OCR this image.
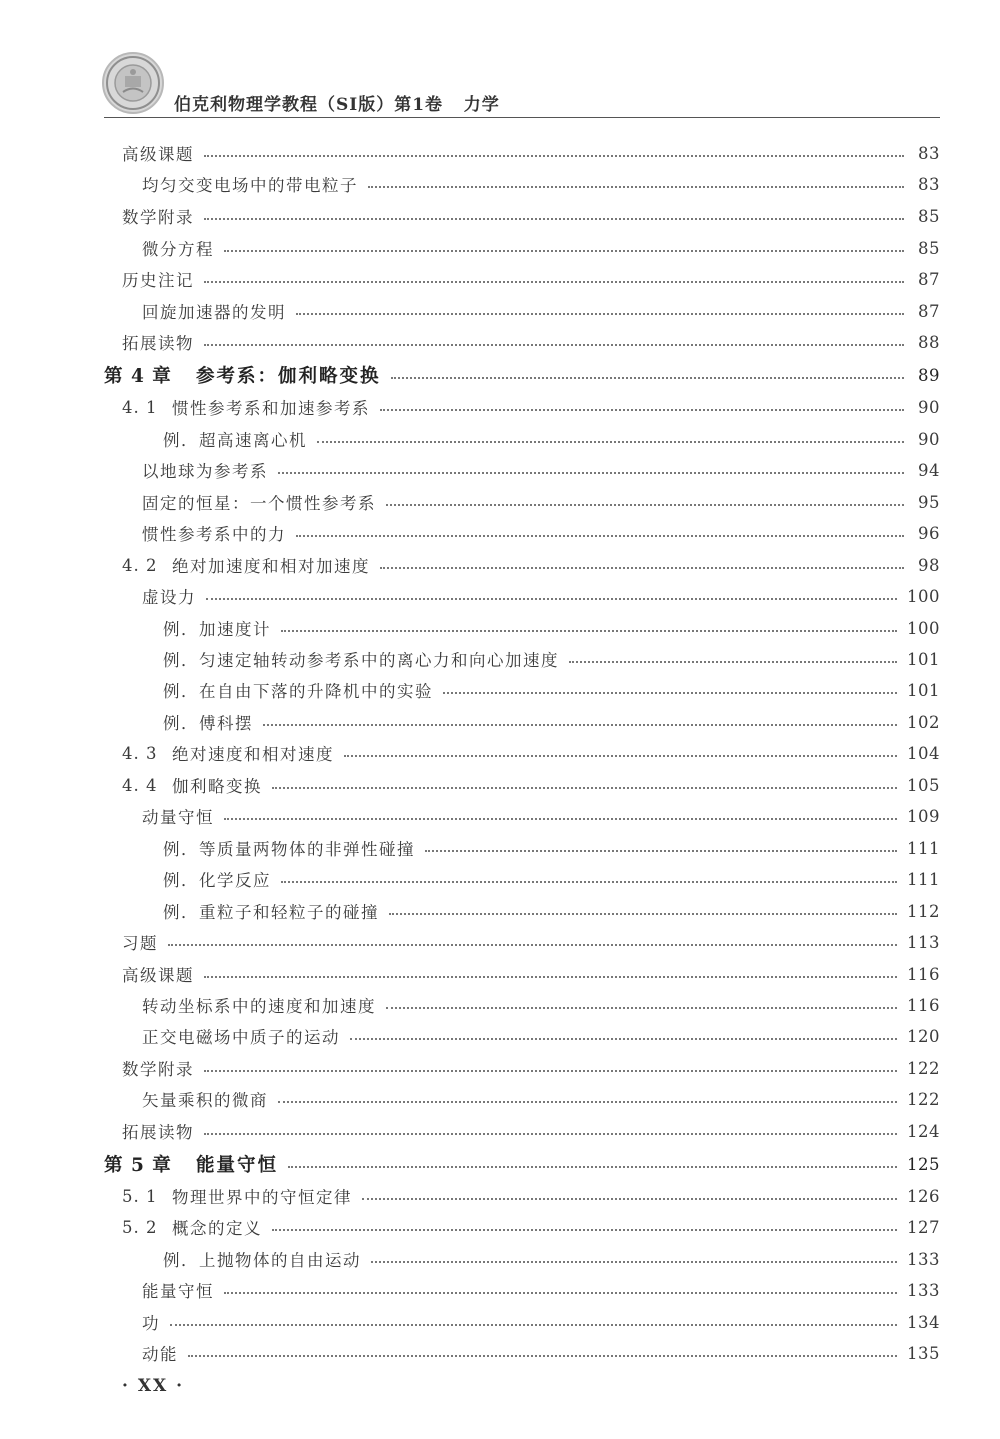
伯克利物理学教程（SI版）第1卷   力学
高级课题	83
均匀交变电场中的带电粒子	83
数学附录	85
微分方程	85
历史注记	87
回旋加速器的发明	87
拓展读物	88
第 4 章	参考系：伽利略变换	89
4. 1 惯性参考系和加速参考系	90
例．超高速离心机	90
以地球为参考系	94
固定的恒星：一个惯性参考系	95
惯性参考系中的力	96
4. 2 绝对加速度和相对加速度	98
虚设力	100
例．加速度计	100
例．匀速定轴转动参考系中的离心力和向心加速度	101
例．在自由下落的升降机中的实验	101
例．傅科摆	102
4. 3 绝对速度和相对速度	104
4. 4 伽利略变换	105
动量守恒	109
例．等质量两物体的非弹性碰撞	111
例．化学反应	111
例．重粒子和轻粒子的碰撞	112
习题	113
高级课题	116
转动坐标系中的速度和加速度	116
正交电磁场中质子的运动	120
数学附录	122
矢量乘积的微商	122
拓展读物	124
第 5 章	能量守恒	125
5. 1 物理世界中的守恒定律	126
5. 2 概念的定义	127
例．上抛物体的自由运动	133
能量守恒	133
功	134
动能	135
· XX ·
